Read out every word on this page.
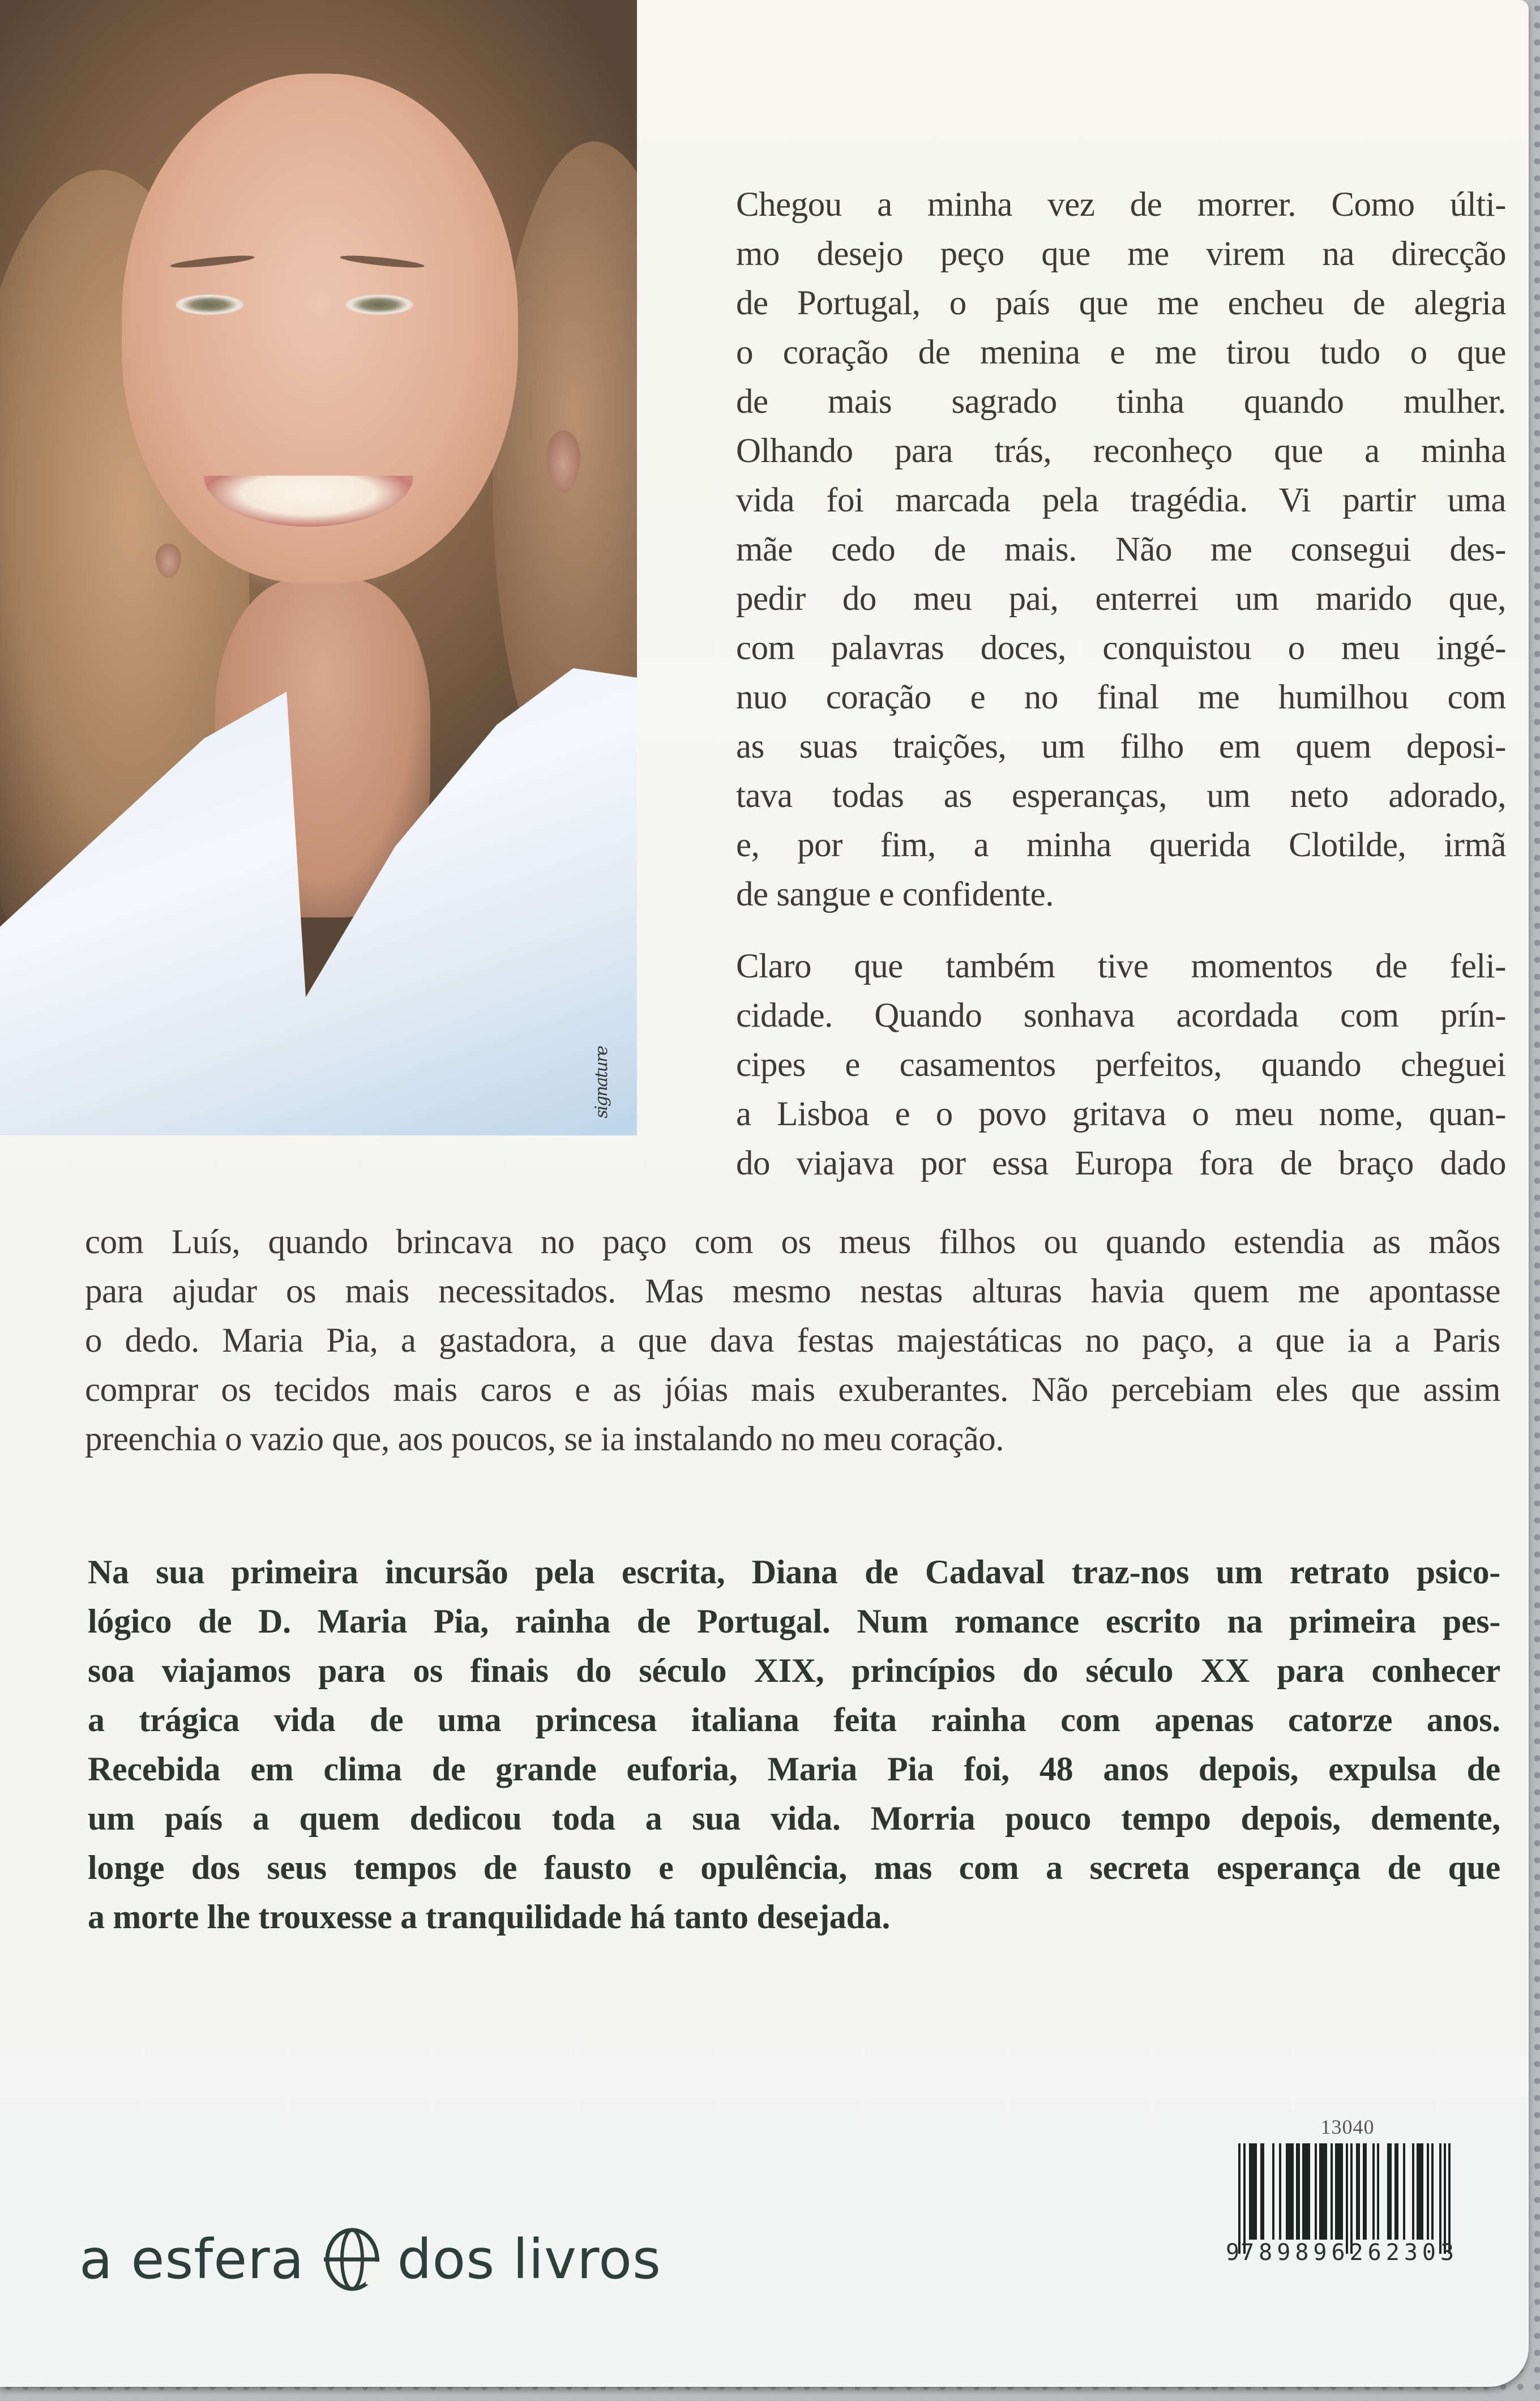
signature
Chegou a minha vez de morrer. Como últi-
mo desejo peço que me virem na direcção
de Portugal, o país que me encheu de alegria
o coração de menina e me tirou tudo o que
de mais sagrado tinha quando mulher.
Olhando para trás, reconheço que a minha
vida foi marcada pela tragédia. Vi partir uma
mãe cedo de mais. Não me consegui des-
pedir do meu pai, enterrei um marido que,
com palavras doces, conquistou o meu ingé-
nuo coração e no final me humilhou com
as suas traições, um filho em quem deposi-
tava todas as esperanças, um neto adorado,
e, por fim, a minha querida Clotilde, irmã
de sangue e confidente.
Claro que também tive momentos de feli-
cidade. Quando sonhava acordada com prín-
cipes e casamentos perfeitos, quando cheguei
a Lisboa e o povo gritava o meu nome, quan-
do viajava por essa Europa fora de braço dado
com Luís, quando brincava no paço com os meus filhos ou quando estendia as mãos
para ajudar os mais necessitados. Mas mesmo nestas alturas havia quem me apontasse
o dedo. Maria Pia, a gastadora, a que dava festas majestáticas no paço, a que ia a Paris
comprar os tecidos mais caros e as jóias mais exuberantes. Não percebiam eles que assim
preenchia o vazio que, aos poucos, se ia instalando no meu coração.
Na sua primeira incursão pela escrita, Diana de Cadaval traz-nos um retrato psico-
lógico de D. Maria Pia, rainha de Portugal. Num romance escrito na primeira pes-
soa viajamos para os finais do século XIX, princípios do século XX para conhecer
a trágica vida de uma princesa italiana feita rainha com apenas catorze anos.
Recebida em clima de grande euforia, Maria Pia foi, 48 anos depois, expulsa de
um país a quem dedicou toda a sua vida. Morria pouco tempo depois, demente,
longe dos seus tempos de fausto e opulência, mas com a secreta esperança de que
a morte lhe trouxesse a tranquilidade há tanto desejada.
a esfera dos livros
13040
9 789896 262303
